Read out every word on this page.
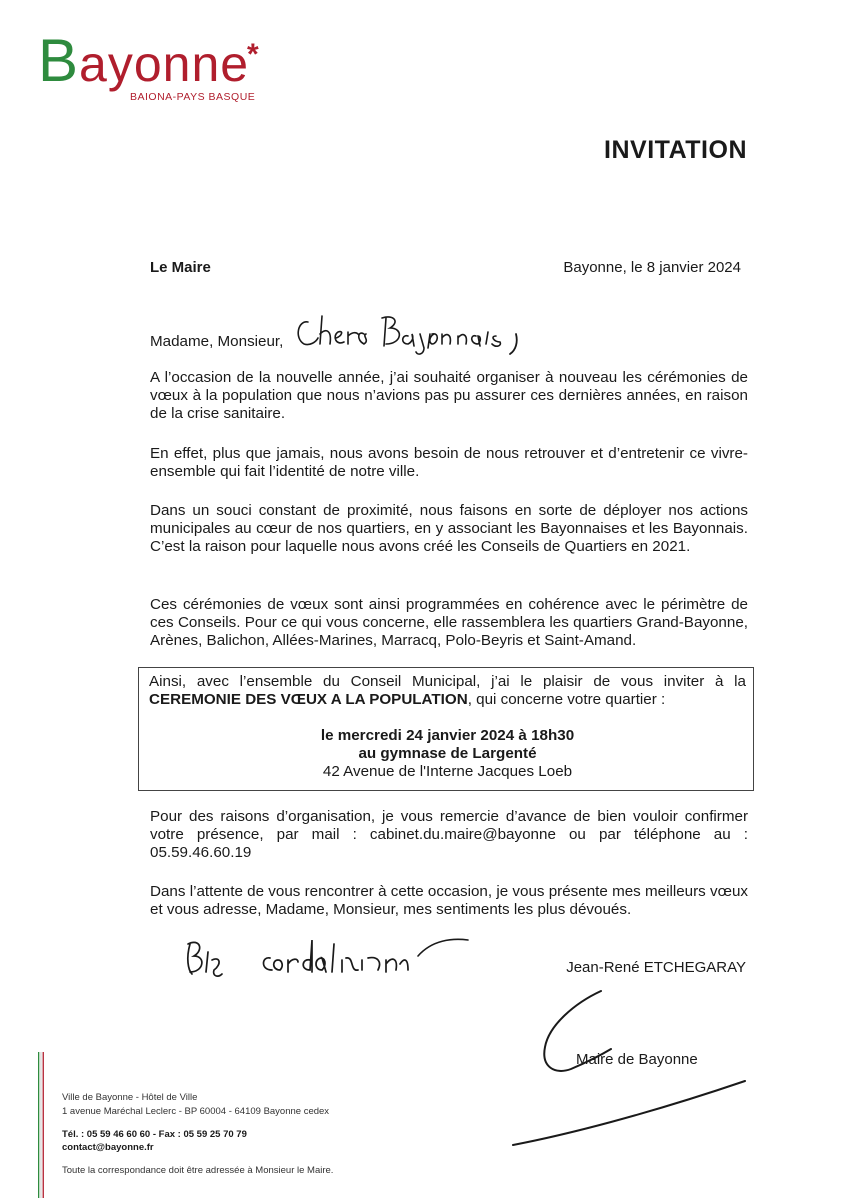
Bayonne
*
BAIONA-PAYS BASQUE
INVITATION
Le Maire	Bayonne, le 8 janvier 2024
Madame, Monsieur,
A l’occasion de la nouvelle année, j’ai souhaité organiser à nouveau les cérémonies de vœux à la population que nous n’avions pas pu assurer ces dernières années, en raison de la crise sanitaire.
En effet, plus que jamais, nous avons besoin de nous retrouver et d’entretenir ce vivre-ensemble qui fait l’identité de notre ville.
Dans un souci constant de proximité, nous faisons en sorte de déployer nos actions municipales au cœur de nos quartiers, en y associant les Bayonnaises et les Bayonnais. C’est la raison pour laquelle nous avons créé les Conseils de Quartiers en 2021.
Ces cérémonies de vœux sont ainsi programmées en cohérence avec le périmètre de ces Conseils. Pour ce qui vous concerne, elle rassemblera les quartiers Grand-Bayonne, Arènes, Balichon, Allées-Marines, Marracq, Polo-Beyris et Saint-Amand.
Ainsi, avec l’ensemble du Conseil Municipal, j’ai le plaisir de vous inviter à la CEREMONIE DES VŒUX A LA POPULATION, qui concerne votre quartier :
le mercredi 24 janvier 2024 à 18h30
au gymnase de Largenté
42 Avenue de l'Interne Jacques Loeb
Pour des raisons d’organisation, je vous remercie d’avance de bien vouloir confirmer votre présence, par mail : cabinet.du.maire@bayonne ou par téléphone au : 05.59.46.60.19
Dans l’attente de vous rencontrer à cette occasion, je vous présente mes meilleurs vœux et vous adresse, Madame, Monsieur, mes sentiments les plus dévoués.
Jean-René ETCHEGARAY
Maire de Bayonne
Ville de Bayonne - Hôtel de Ville
1 avenue Maréchal Leclerc - BP 60004 - 64109 Bayonne cedex
Tél. : 05 59 46 60 60 - Fax : 05 59 25 70 79
contact@bayonne.fr
Toute la correspondance doit être adressée à Monsieur le Maire.
